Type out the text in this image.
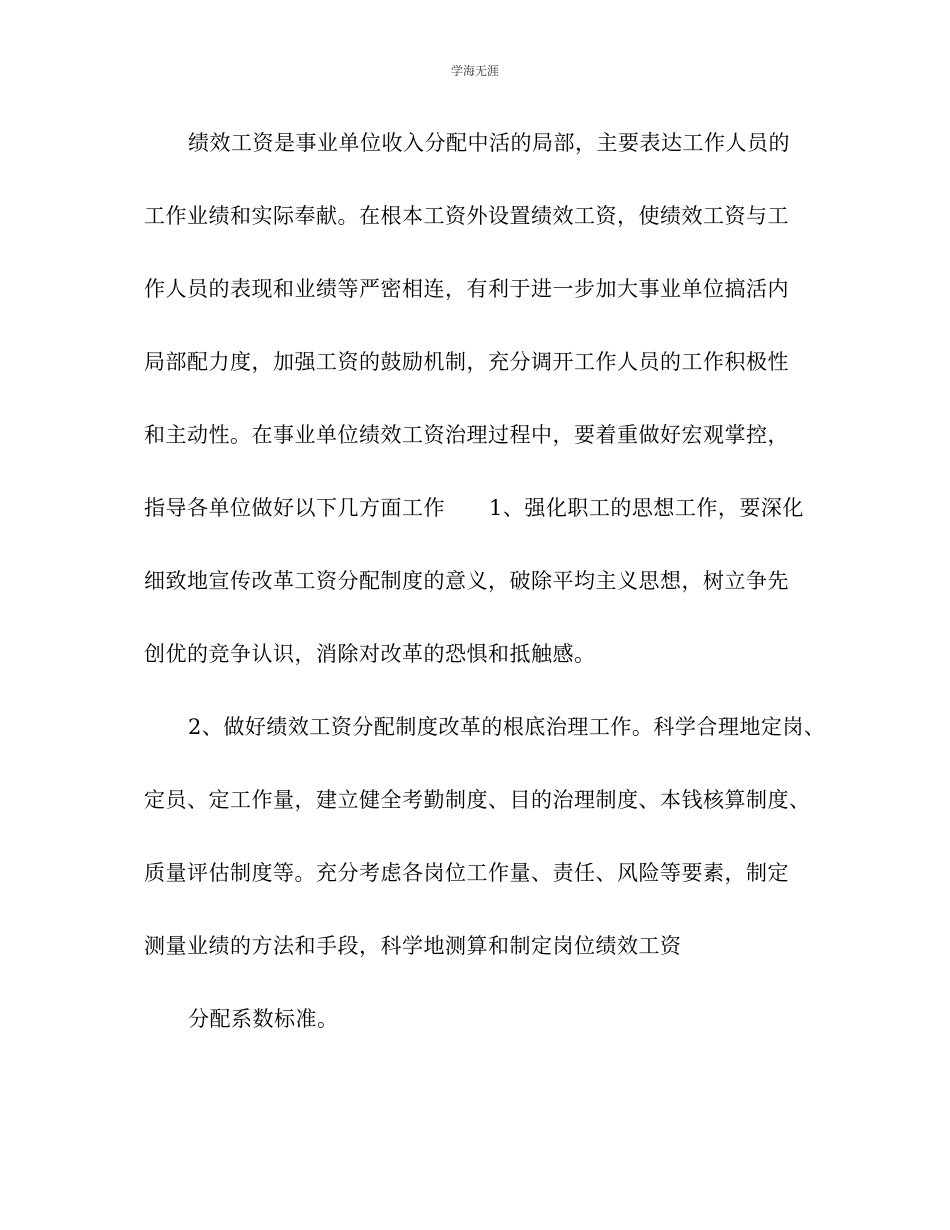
学海无涯
绩效工资是事业单位收入分配中活的局部，主要表达工作人员的
工作业绩和实际奉献。在根本工资外设置绩效工资，使绩效工资与工
作人员的表现和业绩等严密相连，有利于进一步加大事业单位搞活内
局部配力度，加强工资的鼓励机制，充分调开工作人员的工作积极性
和主动性。在事业单位绩效工资治理过程中，要着重做好宏观掌控，
指导各单位做好以下几方面工作 1、强化职工的思想工作，要深化
细致地宣传改革工资分配制度的意义，破除平均主义思想，树立争先
创优的竞争认识，消除对改革的恐惧和抵触感。
2、做好绩效工资分配制度改革的根底治理工作。科学合理地定岗、
定员、定工作量，建立健全考勤制度、目的治理制度、本钱核算制度、
质量评估制度等。充分考虑各岗位工作量、责任、风险等要素，制定
测量业绩的方法和手段，科学地测算和制定岗位绩效工资
分配系数标准。
